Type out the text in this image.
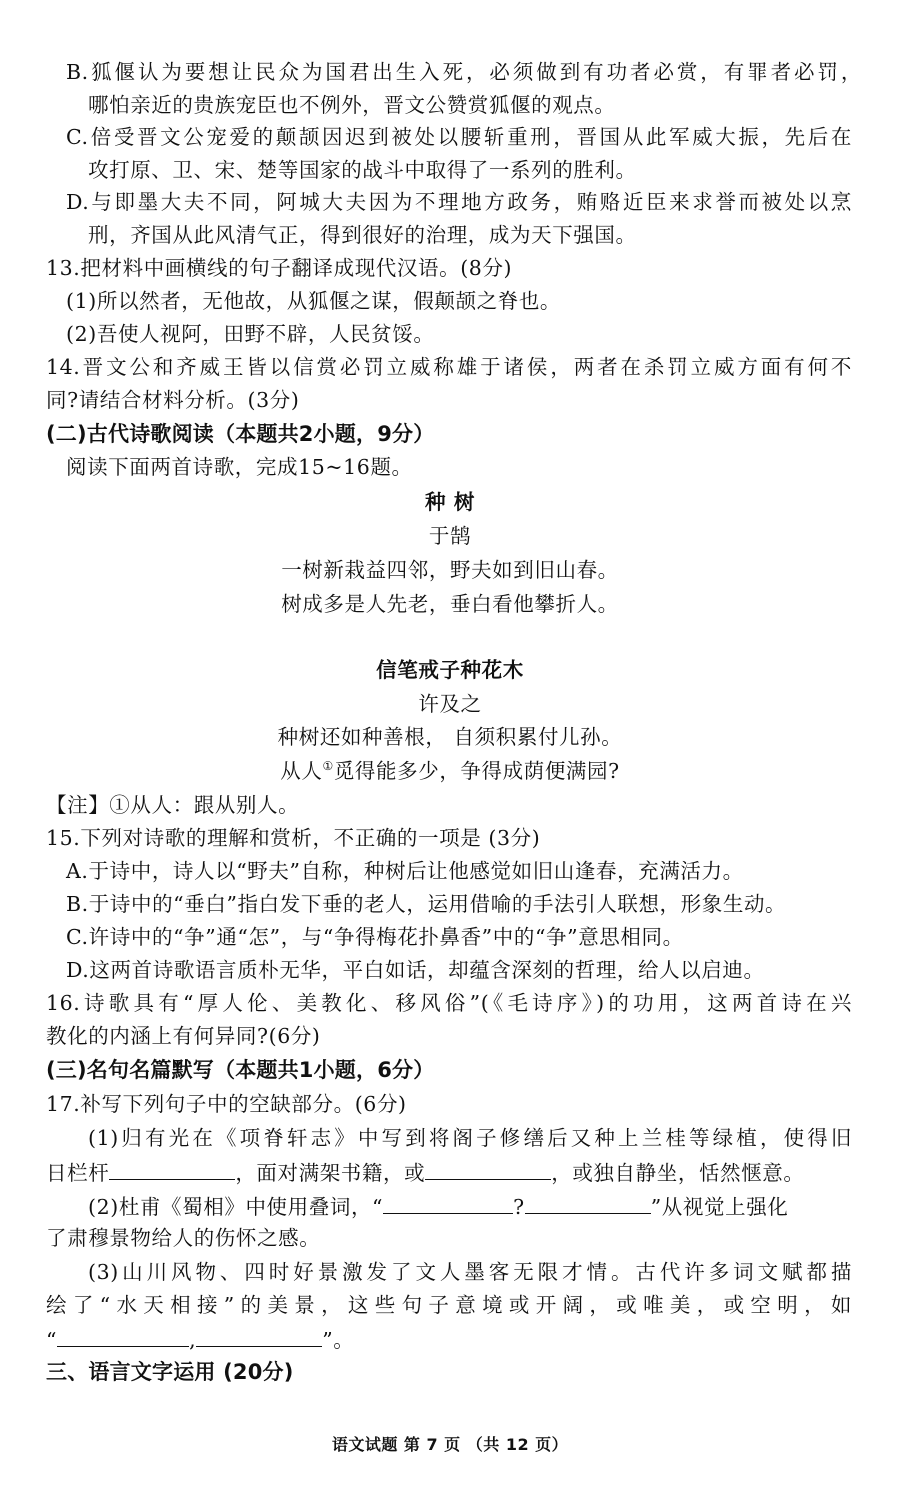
B.狐偃认为要想让民众为国君出生入死，必须做到有功者必赏，有罪者必罚，
哪怕亲近的贵族宠臣也不例外，晋文公赞赏狐偃的观点。
C.倍受晋文公宠爱的颠颉因迟到被处以腰斩重刑，晋国从此军威大振，先后在
攻打原、卫、宋、楚等国家的战斗中取得了一系列的胜利。
D.与即墨大夫不同，阿城大夫因为不理地方政务，贿赂近臣来求誉而被处以烹
刑，齐国从此风清气正，得到很好的治理，成为天下强国。
13.把材料中画横线的句子翻译成现代汉语。(8分)
(1)所以然者，无他故，从狐偃之谋，假颠颉之脊也。
(2)吾使人视阿，田野不辟，人民贫馁。
14.晋文公和齐威王皆以信赏必罚立威称雄于诸侯，两者在杀罚立威方面有何不
同?请结合材料分析。(3分)
(二)古代诗歌阅读（本题共2小题，9分）
阅读下面两首诗歌，完成15~16题。
种 树
于鹄
一树新栽益四邻，野夫如到旧山春。
树成多是人先老，垂白看他攀折人。
信笔戒子种花木
许及之
种树还如种善根， 自须积累付儿孙。
从人①觅得能多少，争得成荫便满园?
【注】①从人：跟从别人。
15.下列对诗歌的理解和赏析，不正确的一项是 (3分)
A.于诗中，诗人以“野夫”自称，种树后让他感觉如旧山逢春，充满活力。
B.于诗中的“垂白”指白发下垂的老人，运用借喻的手法引人联想，形象生动。
C.许诗中的“争”通“怎”，与“争得梅花扑鼻香”中的“争”意思相同。
D.这两首诗歌语言质朴无华，平白如话，却蕴含深刻的哲理，给人以启迪。
16.诗歌具有“厚人伦、美教化、移风俗”(《毛诗序》)的功用，这两首诗在兴
教化的内涵上有何异同?(6分)
(三)名句名篇默写（本题共1小题，6分）
17.补写下列句子中的空缺部分。(6分)
(1)归有光在《项脊轩志》中写到将阁子修缮后又种上兰桂等绿植，使得旧
日栏杆	，面对满架书籍，或	，或独自静坐，恬然惬意。
(2)杜甫《蜀相》中使用叠词，“	?	”从视觉上强化
了肃穆景物给人的伤怀之感。
(3)山川风物、四时好景激发了文人墨客无限才情。古代许多词文赋都描
绘了“水天相接”的美景，这些句子意境或开阔，或唯美，或空明，如
“	,	”。
三、语言文字运用 (20分)
语文试题 第 7 页 （共 12 页）
